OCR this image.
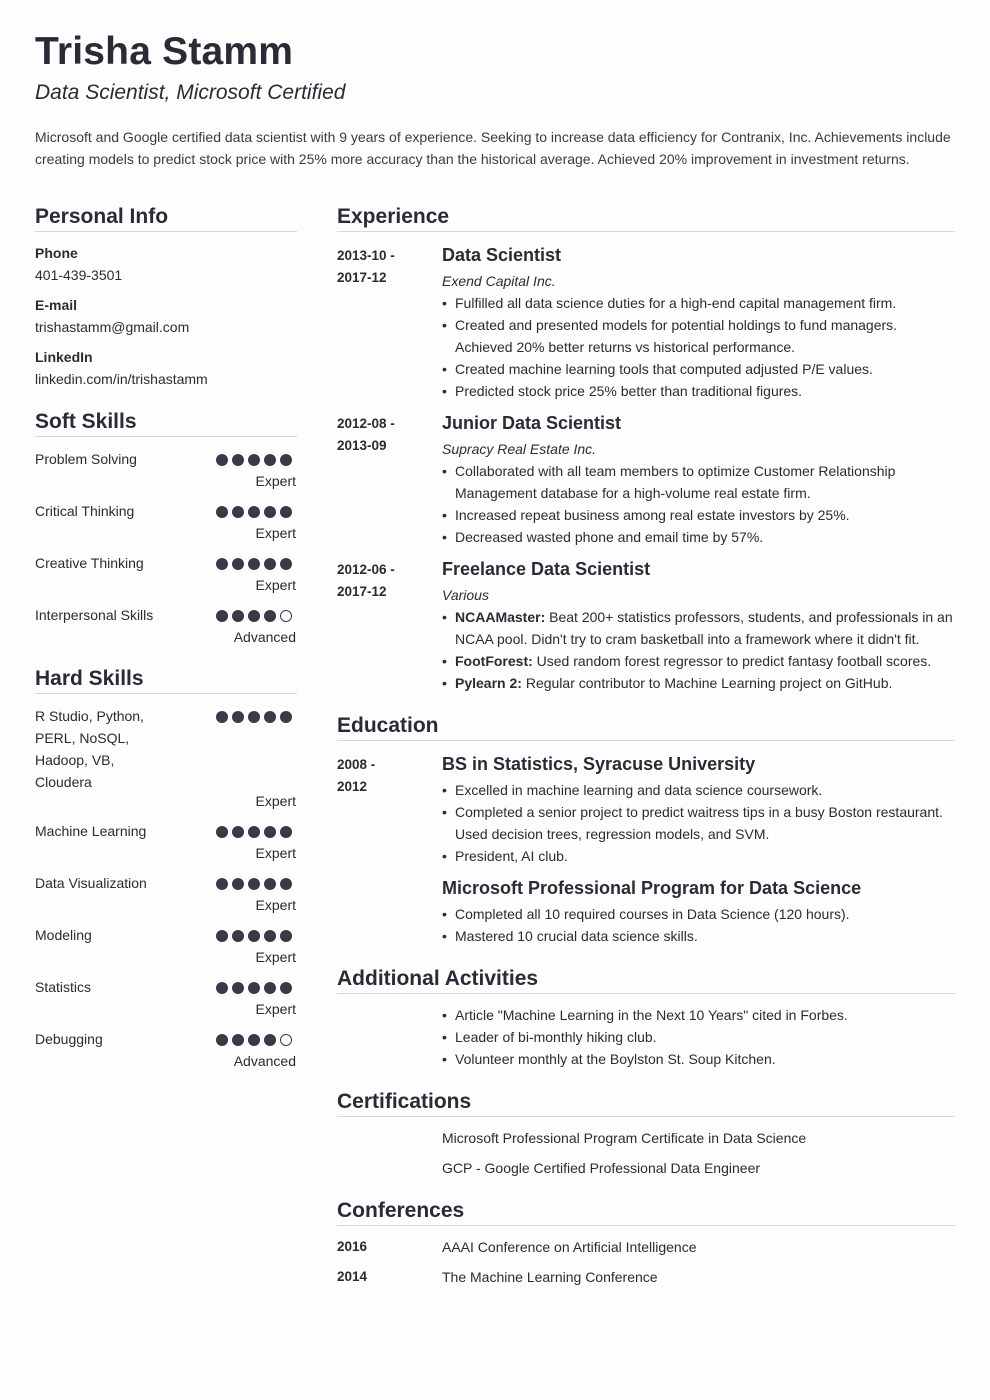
Trisha Stamm
Data Scientist, Microsoft Certified
Microsoft and Google certified data scientist with 9 years of experience. Seeking to increase data efficiency for Contranix, Inc. Achievements include creating models to predict stock price with 25% more accuracy than the historical average. Achieved 20% improvement in investment returns.
Personal Info
Phone
401-439-3501
E-mail
trishastamm@gmail.com
LinkedIn
linkedin.com/in/trishastamm
Soft Skills
Problem Solving
Expert
Critical Thinking
Expert
Creative Thinking
Expert
Interpersonal Skills
Advanced
Hard Skills
R Studio, Python,
PERL, NoSQL,
Hadoop, VB,
Cloudera
Expert
Machine Learning
Expert
Data Visualization
Expert
Modeling
Expert
Statistics
Expert
Debugging
Advanced
Experience
2013-10 -
2017-12
Data Scientist
Exend Capital Inc.
• Fulfilled all data science duties for a high-end capital management firm.
• Created and presented models for potential holdings to fund managers.
Achieved 20% better returns vs historical performance.
• Created machine learning tools that computed adjusted P/E values.
• Predicted stock price 25% better than traditional figures.
2012-08 -
2013-09
Junior Data Scientist
Supracy Real Estate Inc.
• Collaborated with all team members to optimize Customer Relationship
Management database for a high-volume real estate firm.
• Increased repeat business among real estate investors by 25%.
• Decreased wasted phone and email time by 57%.
2012-06 -
2017-12
Freelance Data Scientist
Various
• NCAAMaster: Beat 200+ statistics professors, students, and professionals in an
NCAA pool. Didn't try to cram basketball into a framework where it didn't fit.
• FootForest: Used random forest regressor to predict fantasy football scores.
• Pylearn 2: Regular contributor to Machine Learning project on GitHub.
Education
2008 -
2012
BS in Statistics, Syracuse University
• Excelled in machine learning and data science coursework.
• Completed a senior project to predict waitress tips in a busy Boston restaurant.
Used decision trees, regression models, and SVM.
• President, AI club.
Microsoft Professional Program for Data Science
• Completed all 10 required courses in Data Science (120 hours).
• Mastered 10 crucial data science skills.
Additional Activities
• Article "Machine Learning in the Next 10 Years" cited in Forbes.
• Leader of bi-monthly hiking club.
• Volunteer monthly at the Boylston St. Soup Kitchen.
Certifications
Microsoft Professional Program Certificate in Data Science
GCP - Google Certified Professional Data Engineer
Conferences
2016	AAAI Conference on Artificial Intelligence
2014	The Machine Learning Conference
